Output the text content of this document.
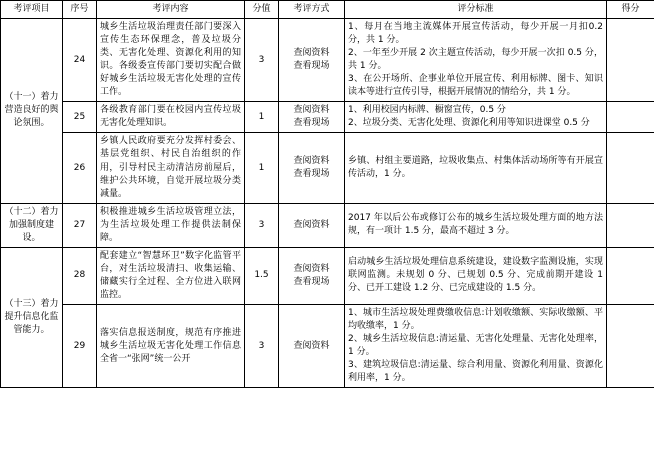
考评项目	序号	考评内容	分值	考评方式	评分标准	得分
（十一）着力营造良好的舆论氛围。	24	城乡生活垃圾治理责任部门要深入宣传生态环保理念，普及垃圾分类、无害化处理、资源化利用的知识。各级委宣传部门要切实配合做好城乡生活垃圾无害化处理的宣传工作。	3	查阅资料
查看现场	1、每月在当地主流媒体开展宣传活动，每少开展一月扣0.2 分，共 1 分。
2、一年至少开展 2 次主题宣传活动，每少开展一次扣 0.5 分，共 1 分。
3、在公开场所、企事业单位开展宣传、利用标牌、图卡、知识读本等进行宣传引导，根据开展情况的情给分，共 1 分。	

	25	各级教育部门要在校园内宣传垃圾无害化处理知识。	1	查阅资料
查看现场	1、利用校园内标牌、橱窗宣传，0.5 分
2、垃圾分类、无害化处理、资源化利用等知识进课堂 0.5 分	

	26	乡镇人民政府要充分发挥村委会、基层党组织、村民自治组织的作用，引导村民主动清洁房前屋后，维护公共环境，自觉开展垃圾分类减量。	1	查阅资料
查看现场	乡镇、村组主要道路，垃圾收集点、村集体活动场所等有开展宣传活动，1 分。	

（十二）着力加强制度建设。	27	积极推进城乡生活垃圾管理立法，为生活垃圾处理工作提供法制保障。	3	查阅资料	2017 年以后公布或修订公布的城乡生活垃圾处理方面的地方法规，有一项计 1.5 分，最高不超过 3 分。	

（十三）着力提升信息化监管能力。	28	配套建立“智慧环卫”数字化监管平台，对生活垃圾清扫、收集运输、储藏实行全过程、全方位进入联网监控。	1.5	查阅资料
查看现场	启动城乡生活垃圾处理信息系统建设，建设数字监测设施，实现联网监测。未规划 0 分、已规划 0.5 分、完成前期开建设 1 分、已开工建设 1.2 分、已完成建设的 1.5 分。	

	29	落实信息报送制度，规范有序推进城乡生活垃圾无害化处理工作信息全省一“张网”统一公开	3	查阅资料	1、城市生活垃圾处理费缴收信息:计划收缴额、实际收缴额、平均收缴率，1 分。
2、城乡生活垃圾信息:清运量、无害化处理量、无害化处理率，1 分。
3、建筑垃圾信息:清运量、综合利用量、资源化利用量、资源化利用率，1 分。	
